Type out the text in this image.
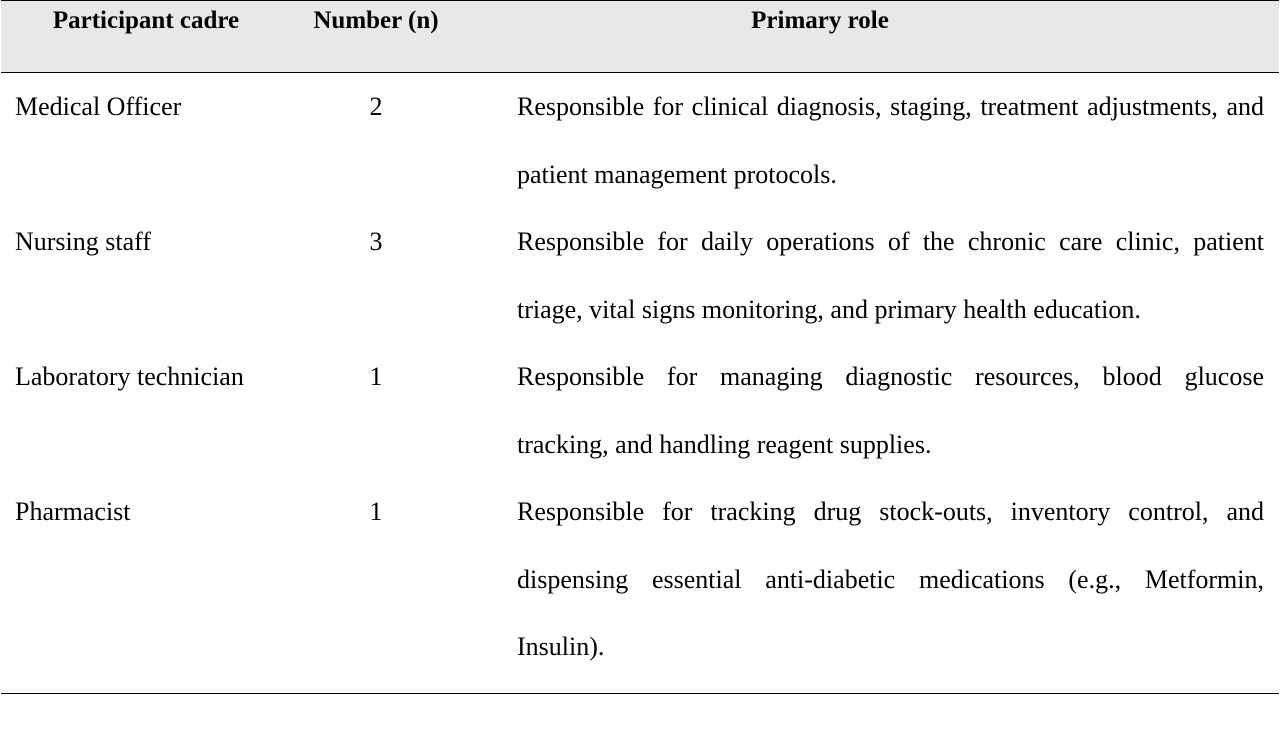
Participant cadre	Number (n)	Primary role
Medical Officer	2	Responsible for clinical diagnosis, staging, treatment adjustments, and patient management protocols.
Nursing staff	3	Responsible for daily operations of the chronic care clinic, patient triage, vital signs monitoring, and primary health education.
Laboratory technician	1	Responsible for managing diagnostic resources, blood glucose tracking, and handling reagent supplies.
Pharmacist	1	Responsible for tracking drug stock-outs, inventory control, and dispensing essential anti-diabetic medications (e.g., Metformin, Insulin).
